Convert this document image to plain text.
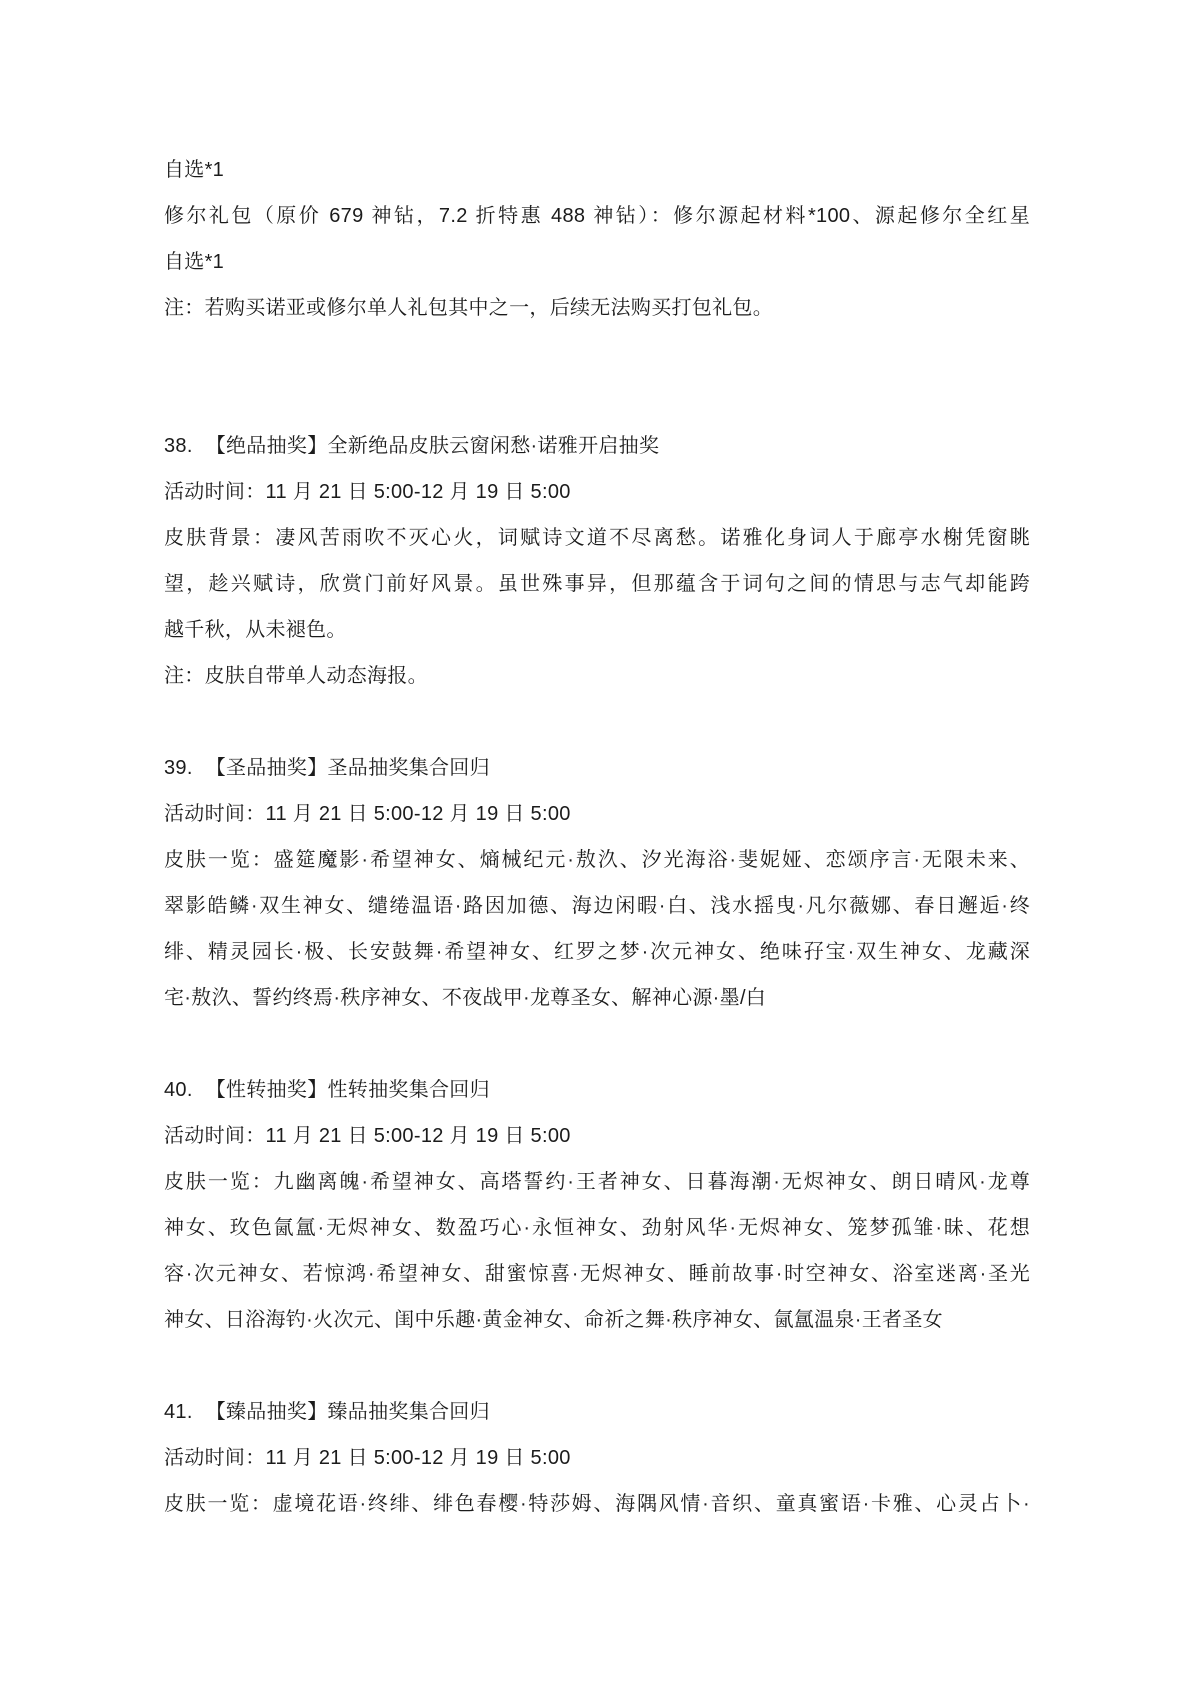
自选*1

修尔礼包（原价 679 神钻，7.2 折特惠 488 神钻）：修尔源起材料*100、源起修尔全红星

自选*1

注：若购买诺亚或修尔单人礼包其中之一，后续无法购买打包礼包。

38. 【绝品抽奖】全新绝品皮肤云窗闲愁·诺雅开启抽奖

活动时间：11 月 21 日 5:00-12 月 19 日 5:00

皮肤背景：凄风苦雨吹不灭心火，词赋诗文道不尽离愁。诺雅化身词人于廊亭水榭凭窗眺

望，趁兴赋诗，欣赏门前好风景。虽世殊事异，但那蕴含于词句之间的情思与志气却能跨

越千秋，从未褪色。

注：皮肤自带单人动态海报。

39. 【圣品抽奖】圣品抽奖集合回归

活动时间：11 月 21 日 5:00-12 月 19 日 5:00

皮肤一览：盛筵魔影·希望神女、熵械纪元·敖汣、汐光海浴·斐妮娅、恋颂序言·无限未来、

翠影皓鳞·双生神女、缱绻温语·路因加德、海边闲暇·白、浅水摇曳·凡尔薇娜、春日邂逅·终

绯、精灵园长·极、长安鼓舞·希望神女、红罗之梦·次元神女、绝味孖宝·双生神女、龙藏深

宅·敖汣、誓约终焉·秩序神女、不夜战甲·龙尊圣女、解神心源·墨/白

40. 【性转抽奖】性转抽奖集合回归

活动时间：11 月 21 日 5:00-12 月 19 日 5:00

皮肤一览：九幽离魄·希望神女、高塔誓约·王者神女、日暮海潮·无烬神女、朗日晴风·龙尊

神女、玫色氤氲·无烬神女、数盈巧心·永恒神女、劲射风华·无烬神女、笼梦孤雏·昧、花想

容·次元神女、若惊鸿·希望神女、甜蜜惊喜·无烬神女、睡前故事·时空神女、浴室迷离·圣光

神女、日浴海钓·火次元、闺中乐趣·黄金神女、命祈之舞·秩序神女、氤氲温泉·王者圣女

41. 【臻品抽奖】臻品抽奖集合回归

活动时间：11 月 21 日 5:00-12 月 19 日 5:00

皮肤一览：虚境花语·终绯、绯色春樱·特莎姆、海隅风情·音织、童真蜜语·卡雅、心灵占卜·
